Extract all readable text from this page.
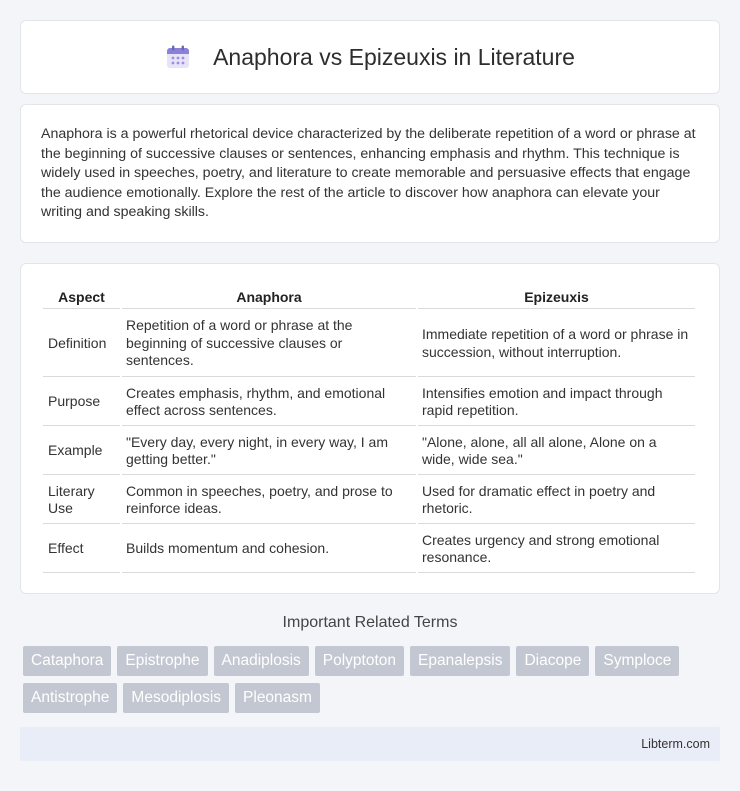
Anaphora vs Epizeuxis in Literature

Anaphora is a powerful rhetorical device characterized by the deliberate repetition of a word or phrase at the beginning of successive clauses or sentences, enhancing emphasis and rhythm. This technique is widely used in speeches, poetry, and literature to create memorable and persuasive effects that engage the audience emotionally. Explore the rest of the article to discover how anaphora can elevate your writing and speaking skills.

Aspect	Anaphora	Epizeuxis
Definition	Repetition of a word or phrase at the beginning of successive clauses or sentences.	Immediate repetition of a word or phrase in succession, without interruption.
Purpose	Creates emphasis, rhythm, and emotional effect across sentences.	Intensifies emotion and impact through rapid repetition.
Example	"Every day, every night, in every way, I am getting better."	"Alone, alone, all all alone, Alone on a wide, wide sea."
Literary Use	Common in speeches, poetry, and prose to reinforce ideas.	Used for dramatic effect in poetry and rhetoric.
Effect	Builds momentum and cohesion.	Creates urgency and strong emotional resonance.
Important Related Terms
Cataphora	Epistrophe	Anadiplosis	Polyptoton	Epanalepsis	Diacope	Symploce
Antistrophe	Mesodiplosis	Pleonasm
Libterm.com
